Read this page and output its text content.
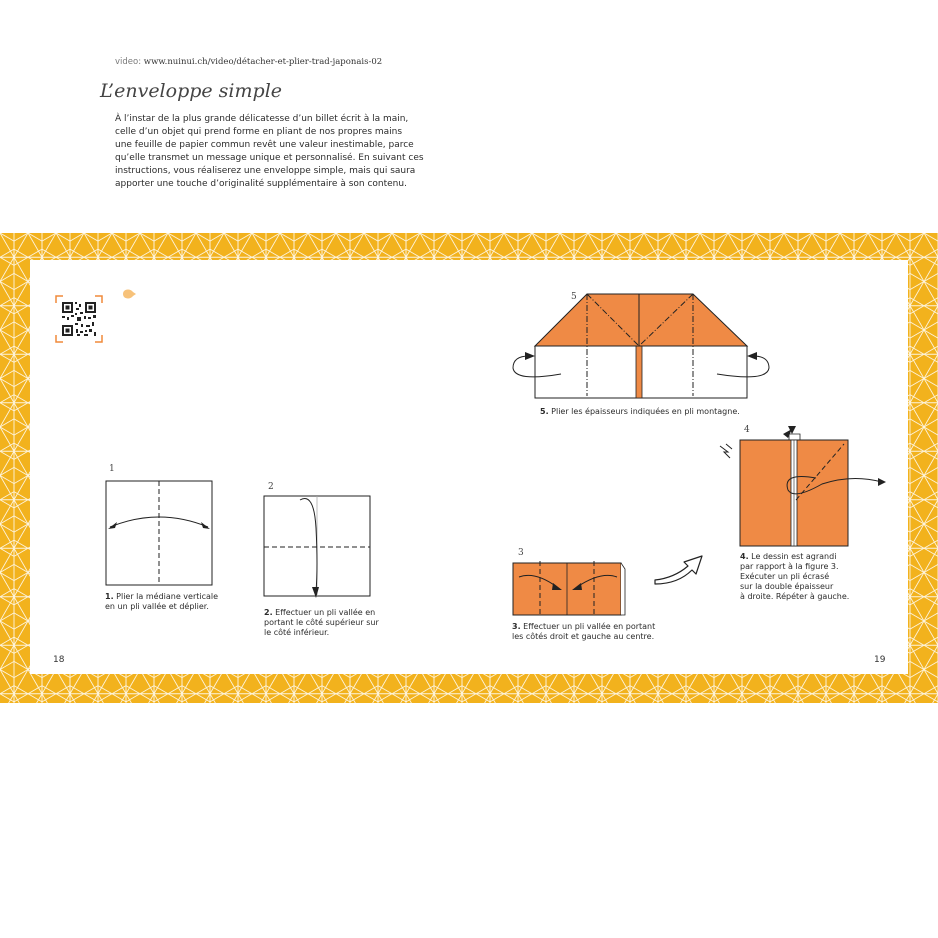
video: www.nuinui.ch/video/détacher-et-plier-trad-japonais-02
L’enveloppe simple
À l’instar de la plus grande délicatesse d’un billet écrit à la main,
celle d’un objet qui prend forme en pliant de nos propres mains
une feuille de papier commun revêt une valeur inestimable, parce
qu’elle transmet un message unique et personnalisé. En suivant ces
instructions, vous réaliserez une enveloppe simple, mais qui saura
apporter une touche d’originalité supplémentaire à son contenu.
1
1. Plier la médiane verticale
en un pli vallée et déplier.
2
2. Effectuer un pli vallée en
portant le côté supérieur sur
le côté inférieur.
3
3. Effectuer un pli vallée en portant
les côtés droit et gauche au centre.
4
4. Le dessin est agrandi
par rapport à la figure 3.
Exécuter un pli écrasé
sur la double épaisseur
à droite. Répéter à gauche.
5
5. Plier les épaisseurs indiquées en pli montagne.
18	19
